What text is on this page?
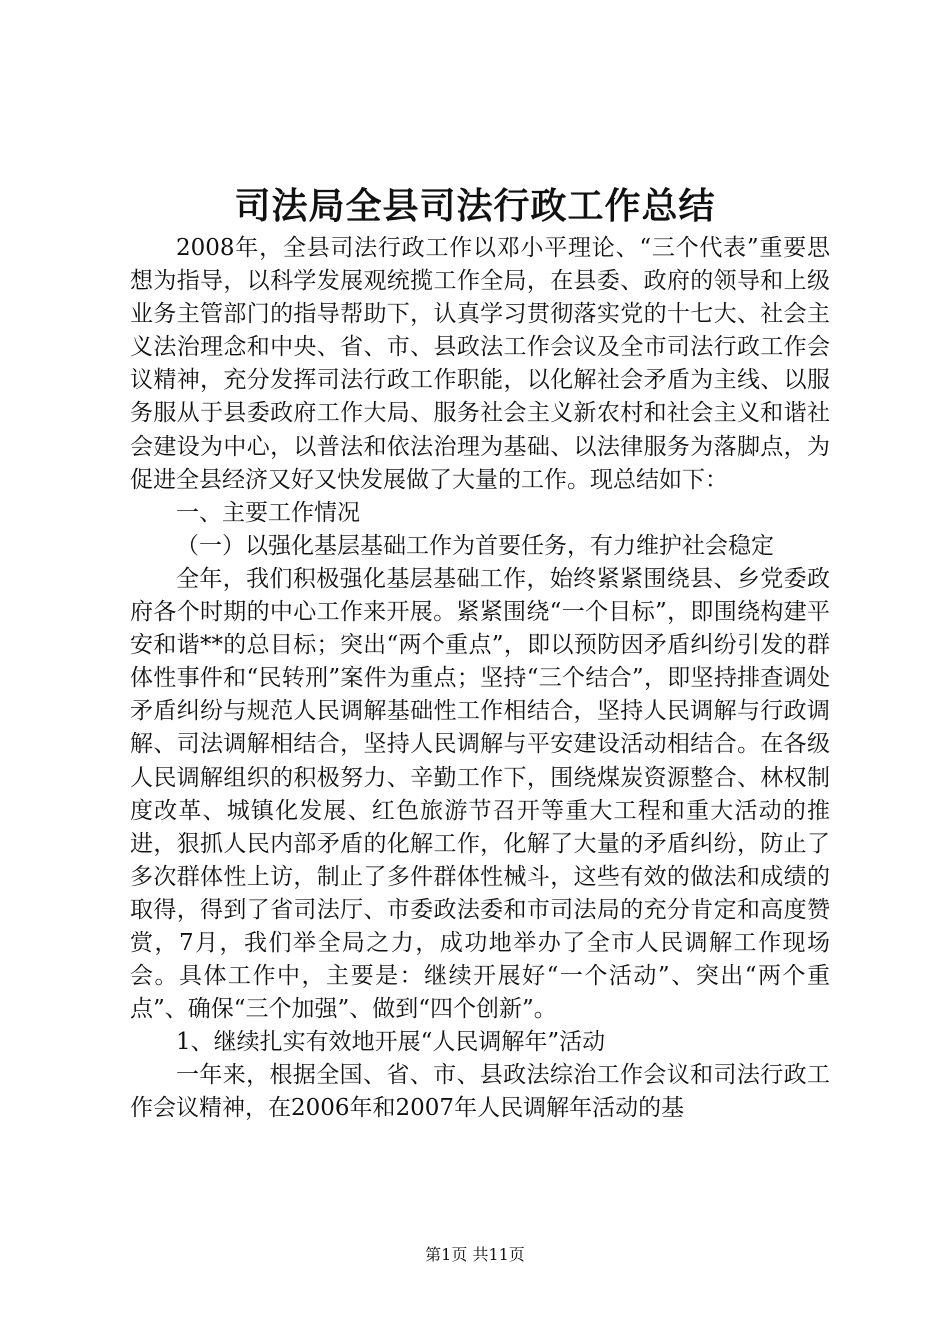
司法局全县司法行政工作总结

2008年，全县司法行政工作以邓小平理论、“三个代表”重要思想为指导，以科学发展观统揽工作全局，在县委、政府的领导和上级业务主管部门的指导帮助下，认真学习贯彻落实党的十七大、社会主义法治理念和中央、省、市、县政法工作会议及全市司法行政工作会议精神，充分发挥司法行政工作职能，以化解社会矛盾为主线、以服务服从于县委政府工作大局、服务社会主义新农村和社会主义和谐社会建设为中心，以普法和依法治理为基础、以法律服务为落脚点，为促进全县经济又好又快发展做了大量的工作。现总结如下：

一、主要工作情况

（一）以强化基层基础工作为首要任务，有力维护社会稳定

全年，我们积极强化基层基础工作，始终紧紧围绕县、乡党委政府各个时期的中心工作来开展。紧紧围绕“一个目标”，即围绕构建平安和谐**的总目标；突出“两个重点”，即以预防因矛盾纠纷引发的群体性事件和“民转刑”案件为重点；坚持“三个结合”，即坚持排查调处矛盾纠纷与规范人民调解基础性工作相结合，坚持人民调解与行政调解、司法调解相结合，坚持人民调解与平安建设活动相结合。在各级人民调解组织的积极努力、辛勤工作下，围绕煤炭资源整合、林权制度改革、城镇化发展、红色旅游节召开等重大工程和重大活动的推进，狠抓人民内部矛盾的化解工作，化解了大量的矛盾纠纷，防止了多次群体性上访，制止了多件群体性械斗，这些有效的做法和成绩的取得，得到了省司法厅、市委政法委和市司法局的充分肯定和高度赞赏，7月，我们举全局之力，成功地举办了全市人民调解工作现场会。具体工作中，主要是：继续开展好“一个活动”、突出“两个重点”、确保“三个加强”、做到“四个创新”。

1、继续扎实有效地开展“人民调解年”活动

一年来，根据全国、省、市、县政法综治工作会议和司法行政工作会议精神，在2006年和2007年人民调解年活动的基

第1页 共11页
